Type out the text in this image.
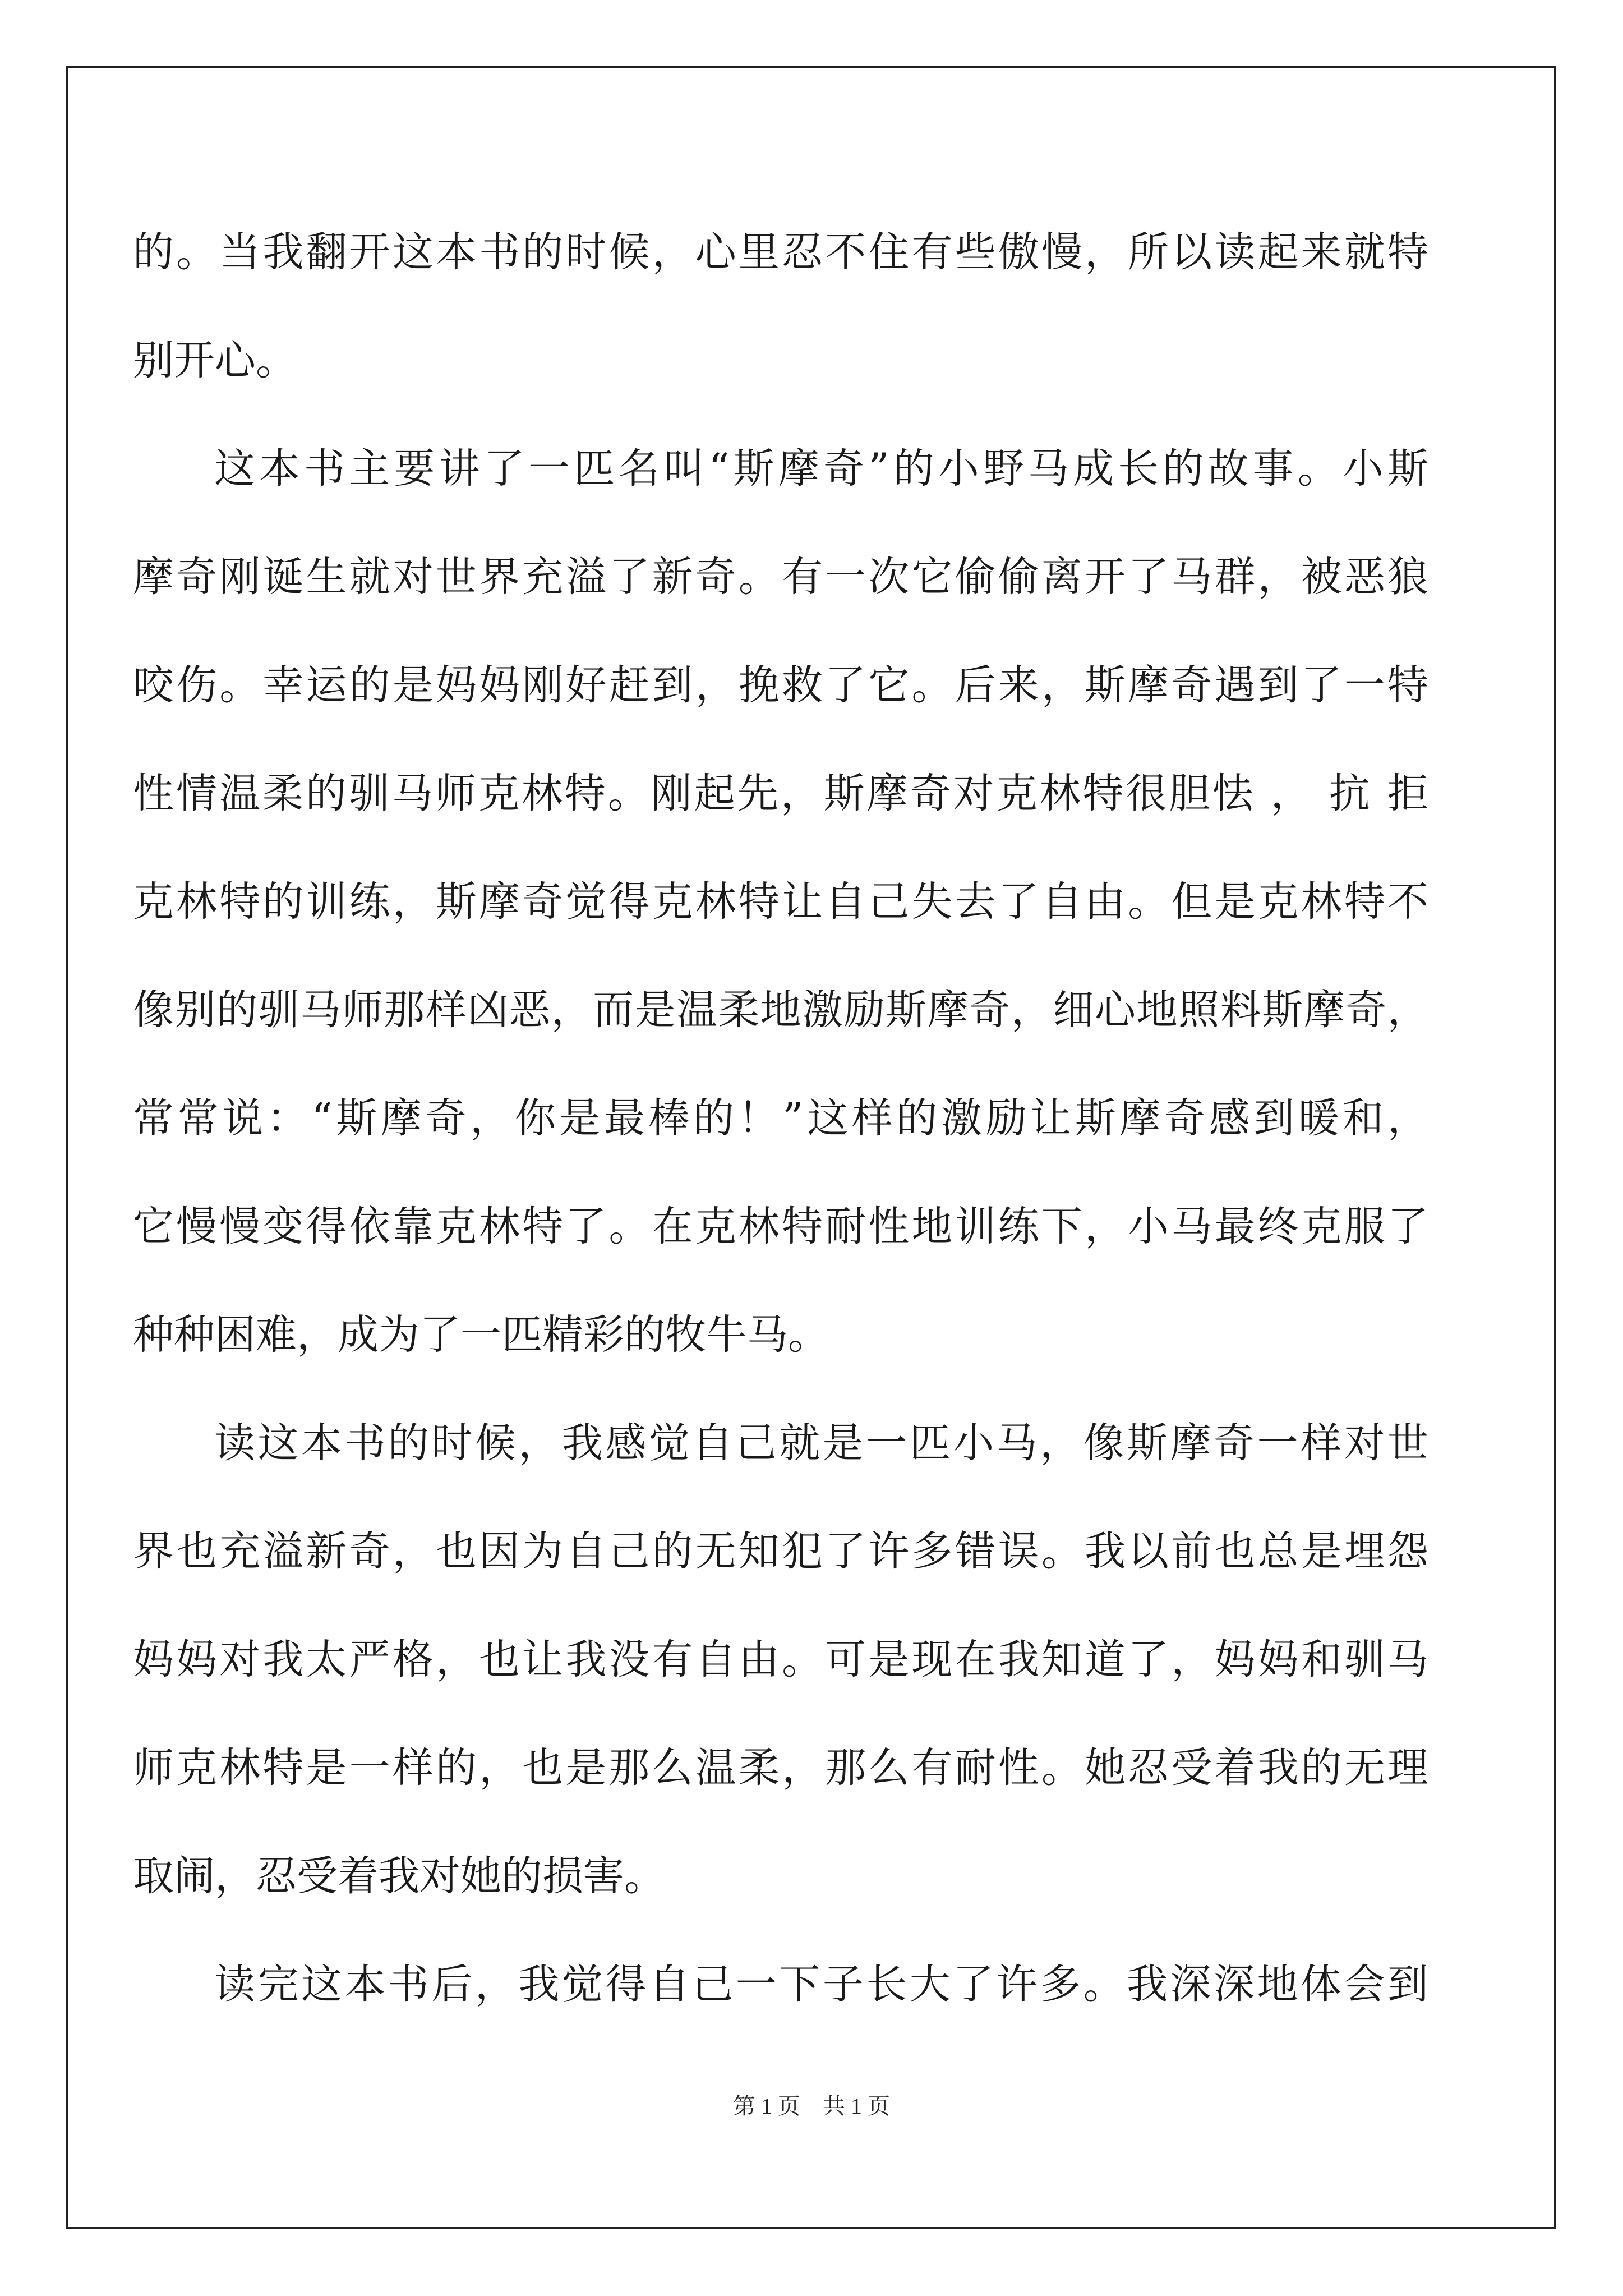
的。当我翻开这本书的时候，心里忍不住有些傲慢，所以读起来就特
别开心。
这本书主要讲了一匹名叫“斯摩奇”的小野马成长的故事。小斯
摩奇刚诞生就对世界充溢了新奇。有一次它偷偷离开了马群，被恶狼
咬伤。幸运的是妈妈刚好赶到，挽救了它。后来，斯摩奇遇到了一特
性情温柔的驯马师克林特。刚起先，斯摩奇对克林特很胆怯 ， 抗 拒
克林特的训练，斯摩奇觉得克林特让自己失去了自由。但是克林特不
像别的驯马师那样凶恶，而是温柔地激励斯摩奇，细心地照料斯摩奇，
常常说：“斯摩奇，你是最棒的！”这样的激励让斯摩奇感到暖和，
它慢慢变得依靠克林特了。在克林特耐性地训练下，小马最终克服了
种种困难，成为了一匹精彩的牧牛马。
读这本书的时候，我感觉自己就是一匹小马，像斯摩奇一样对世
界也充溢新奇，也因为自己的无知犯了许多错误。我以前也总是埋怨
妈妈对我太严格，也让我没有自由。可是现在我知道了，妈妈和驯马
师克林特是一样的，也是那么温柔，那么有耐性。她忍受着我的无理
取闹，忍受着我对她的损害。
读完这本书后，我觉得自己一下子长大了许多。我深深地体会到
第 1 页 共 1 页
